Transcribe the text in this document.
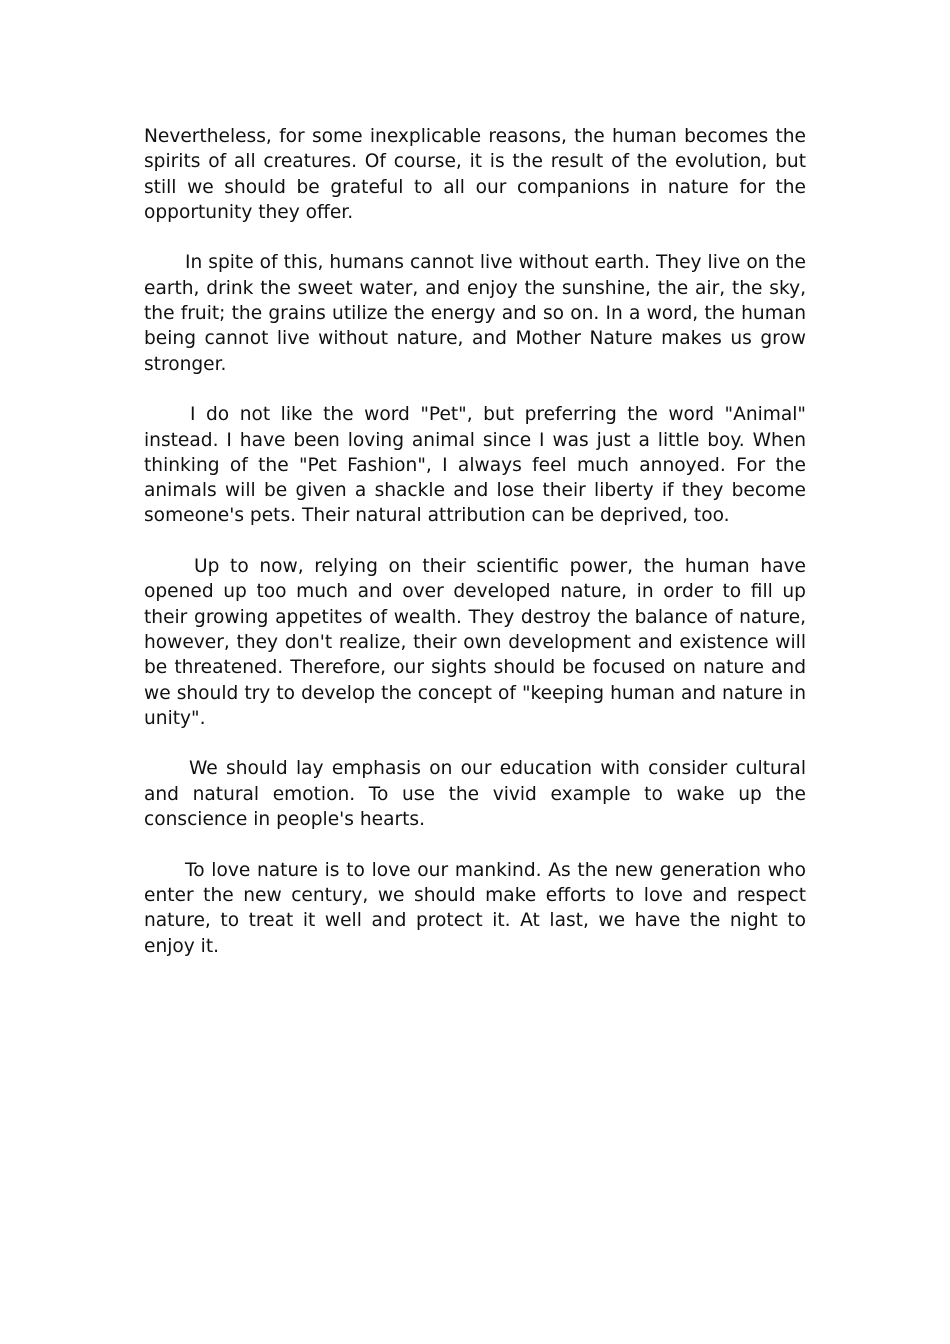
Nevertheless, for some inexplicable reasons, the human becomes the spirits of all creatures. Of course, it is the result of the evolution, but still we should be grateful to all our companions in nature for the opportunity they offer.

In spite of this, humans cannot live without earth. They live on the earth, drink the sweet water, and enjoy the sunshine, the air, the sky, the fruit; the grains utilize the energy and so on. In a word, the human being cannot live without nature, and Mother Nature makes us grow stronger.

I do not like the word "Pet", but preferring the word "Animal" instead. I have been loving animal since I was just a little boy. When thinking of the "Pet Fashion", I always feel much annoyed. For the animals will be given a shackle and lose their liberty if they become someone's pets. Their natural attribution can be deprived, too.

Up to now, relying on their scientific power, the human have opened up too much and over developed nature, in order to fill up their growing appetites of wealth. They destroy the balance of nature, however, they don't realize, their own development and existence will be threatened. Therefore, our sights should be focused on nature and we should try to develop the concept of "keeping human and nature in unity".

We should lay emphasis on our education with consider cultural and natural emotion. To use the vivid example to wake up the conscience in people's hearts.

To love nature is to love our mankind. As the new generation who enter the new century, we should make efforts to love and respect nature, to treat it well and protect it. At last, we have the night to enjoy it.
